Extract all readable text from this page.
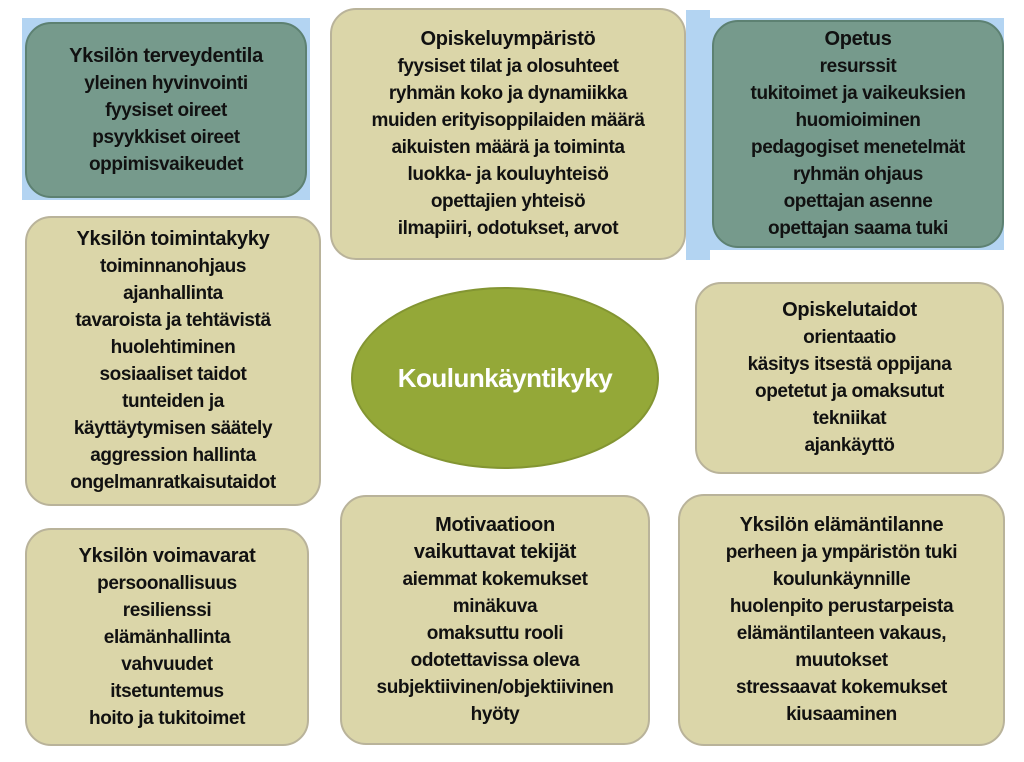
Yksilön terveydentila
yleinen hyvinvointi
fyysiset oireet
psyykkiset oireet
oppimisvaikeudet
Opiskeluympäristö
fyysiset tilat ja olosuhteet
ryhmän koko ja dynamiikka
muiden erityisoppilaiden määrä
aikuisten määrä ja toiminta
luokka- ja kouluyhteisö
opettajien yhteisö
ilmapiiri, odotukset, arvot
Opetus
resurssit
tukitoimet ja vaikeuksien
huomioiminen
pedagogiset menetelmät
ryhmän ohjaus
opettajan asenne
opettajan saama tuki
Yksilön toimintakyky
toiminnanohjaus
ajanhallinta
tavaroista ja tehtävistä
huolehtiminen
sosiaaliset taidot
tunteiden ja
käyttäytymisen säätely
aggression hallinta
ongelmanratkaisutaidot
Koulunkäyntikyky
Opiskelutaidot
orientaatio
käsitys itsestä oppijana
opetetut ja omaksutut
tekniikat
ajankäyttö
Yksilön voimavarat
persoonallisuus
resilienssi
elämänhallinta
vahvuudet
itsetuntemus
hoito ja tukitoimet
Motivaatioon
vaikuttavat tekijät
aiemmat kokemukset
minäkuva
omaksuttu rooli
odotettavissa oleva
subjektiivinen/objektiivinen
hyöty
Yksilön elämäntilanne
perheen ja ympäristön tuki
koulunkäynnille
huolenpito perustarpeista
elämäntilanteen vakaus,
muutokset
stressaavat kokemukset
kiusaaminen
